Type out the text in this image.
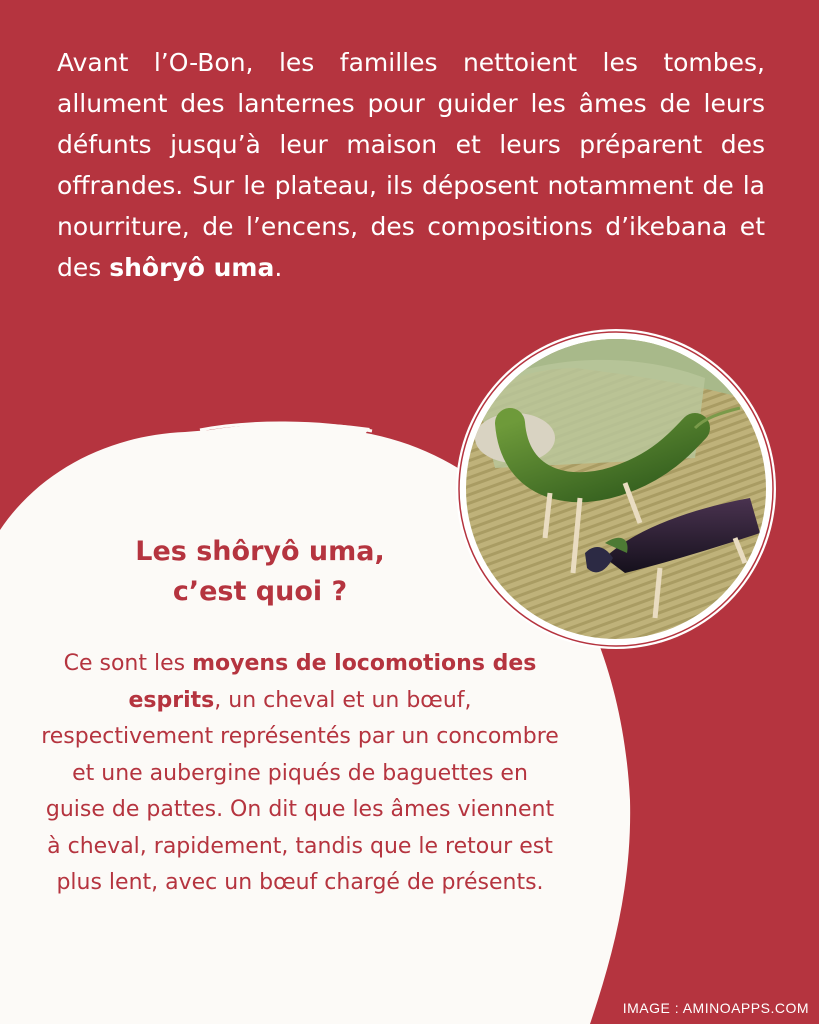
Avant l’O-Bon, les familles nettoient les tombes, allument des lanternes pour guider les âmes de leurs défunts jusqu’à leur maison et leurs préparent des offrandes. Sur le plateau, ils déposent notamment de la nourriture, de l’encens, des compositions d’ikebana et des shôryô uma.
Les shôryô uma,
c’est quoi ?
Ce sont les moyens de locomotions des esprits, un cheval et un bœuf, respectivement représentés par un concombre et une aubergine piqués de baguettes en guise de pattes. On dit que les âmes viennent à cheval, rapidement, tandis que le retour est plus lent, avec un bœuf chargé de présents.
IMAGE : AMINOAPPS.COM
